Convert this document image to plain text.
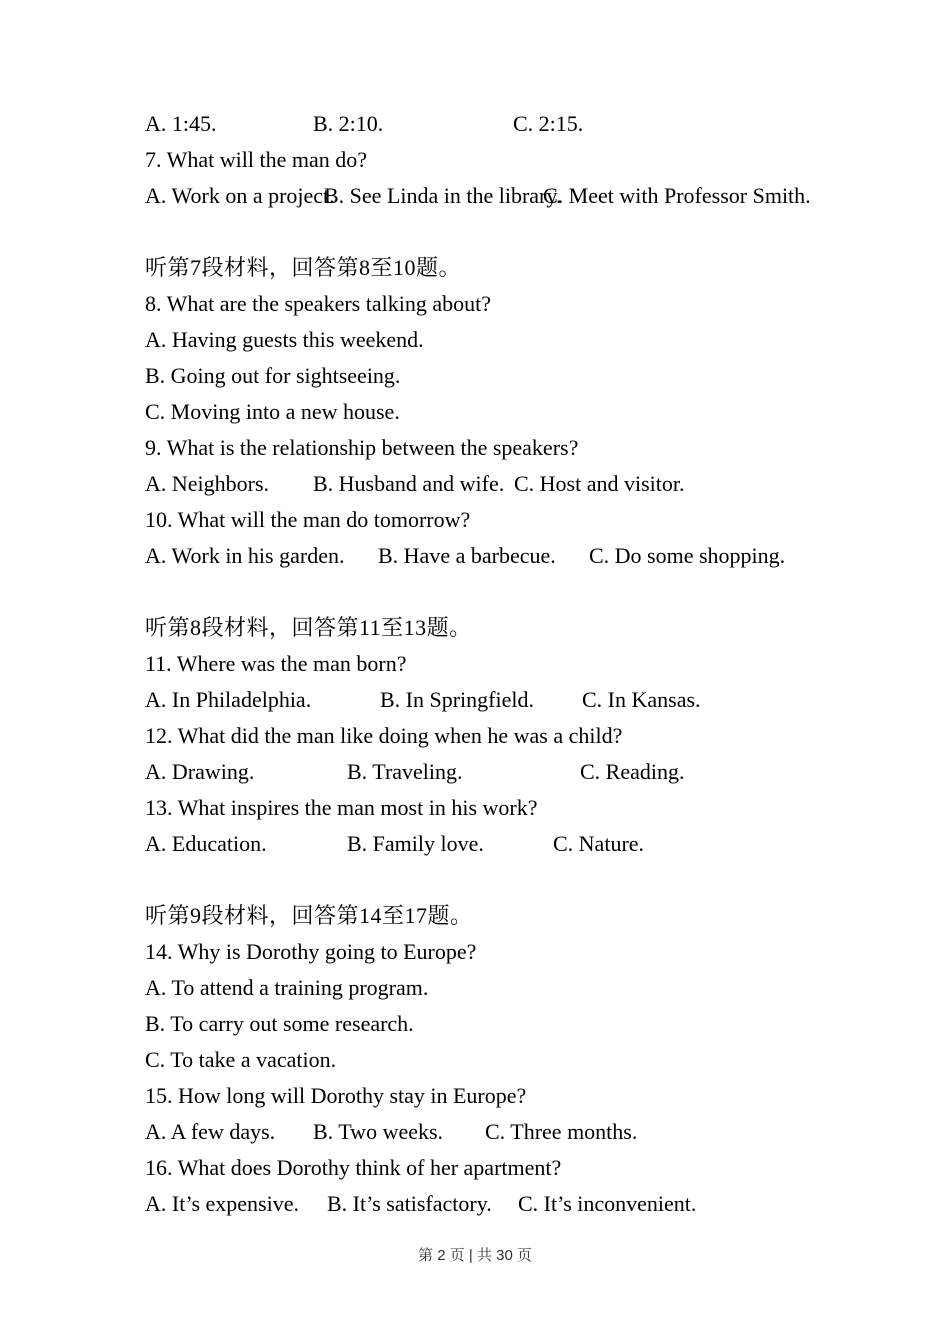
A. 1:45.	B. 2:10.	C. 2:15.
7. What will the man do?
A. Work on a project.
B. See Linda in the library.
C. Meet with Professor Smith.
听第7段材料，回答第8至10题。
8. What are the speakers talking about?
A. Having guests this weekend.
B. Going out for sightseeing.
C. Moving into a new house.
9. What is the relationship between the speakers?
A. Neighbors. B. Husband and wife. C. Host and visitor.
10. What will the man do tomorrow?
A. Work in his garden. B. Have a barbecue. C. Do some shopping.
听第8段材料，回答第11至13题。
11. Where was the man born?
A. In Philadelphia.	B. In Springfield. C. In Kansas.
12. What did the man like doing when he was a child?
A. Drawing.	B. Traveling.	C. Reading.
13. What inspires the man most in his work?
A. Education.	B. Family love.	C. Nature.
听第9段材料，回答第14至17题。
14. Why is Dorothy going to Europe?
A. To attend a training program.
B. To carry out some research.
C. To take a vacation.
15. How long will Dorothy stay in Europe?
A. A few days. B. Two weeks. C. Three months.
16. What does Dorothy think of her apartment?
A. It’s expensive. B. It’s satisfactory. C. It’s inconvenient.
第 2 页 | 共 30 页
